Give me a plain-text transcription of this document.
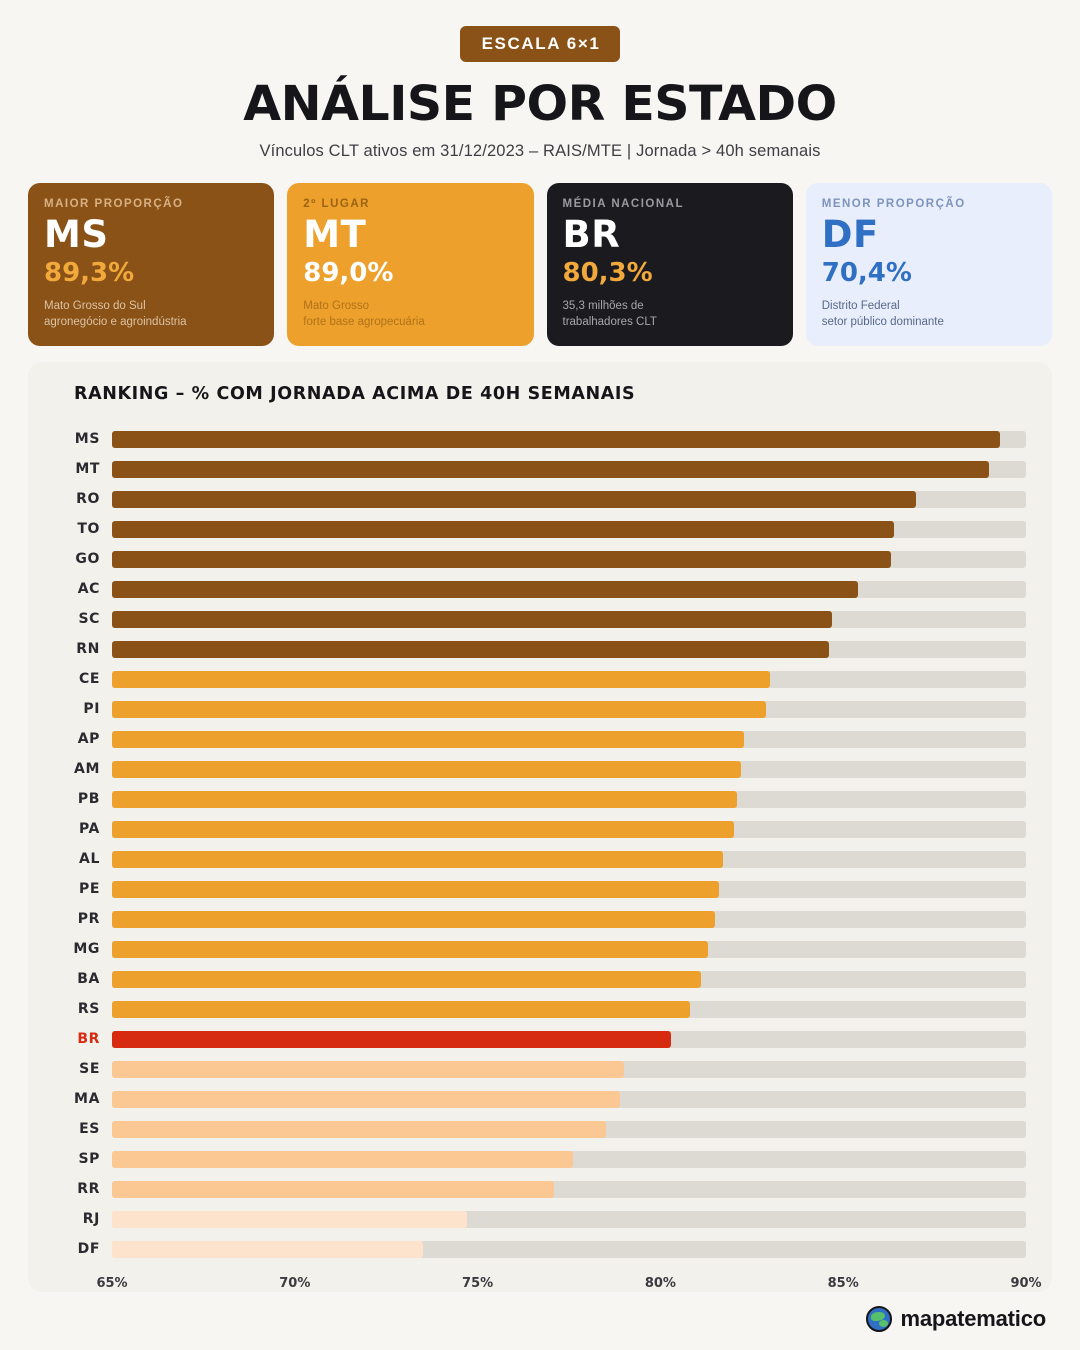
ESCALA 6×1
ANÁLISE POR ESTADO
Vínculos CLT ativos em 31/12/2023 – RAIS/MTE | Jornada > 40h semanais
MAIOR PROPORÇÃO
MS
89,3%
Mato Grosso do Sul
agronegócio e agroindústria
2º LUGAR
MT
89,0%
Mato Grosso
forte base agropecuária
MÉDIA NACIONAL
BR
80,3%
35,3 milhões de
trabalhadores CLT
MENOR PROPORÇÃO
DF
70,4%
Distrito Federal
setor público dominante
RANKING – % COM JORNADA ACIMA DE 40H SEMANAIS
MS
MT
RO
TO
GO
AC
SC
RN
CE
PI
AP
AM
PB
PA
AL
PE
PR
MG
BA
RS
BR
SE
MA
ES
SP
RR
RJ
DF
65%	70%	75%	80%	85%	90%
mapatematico
